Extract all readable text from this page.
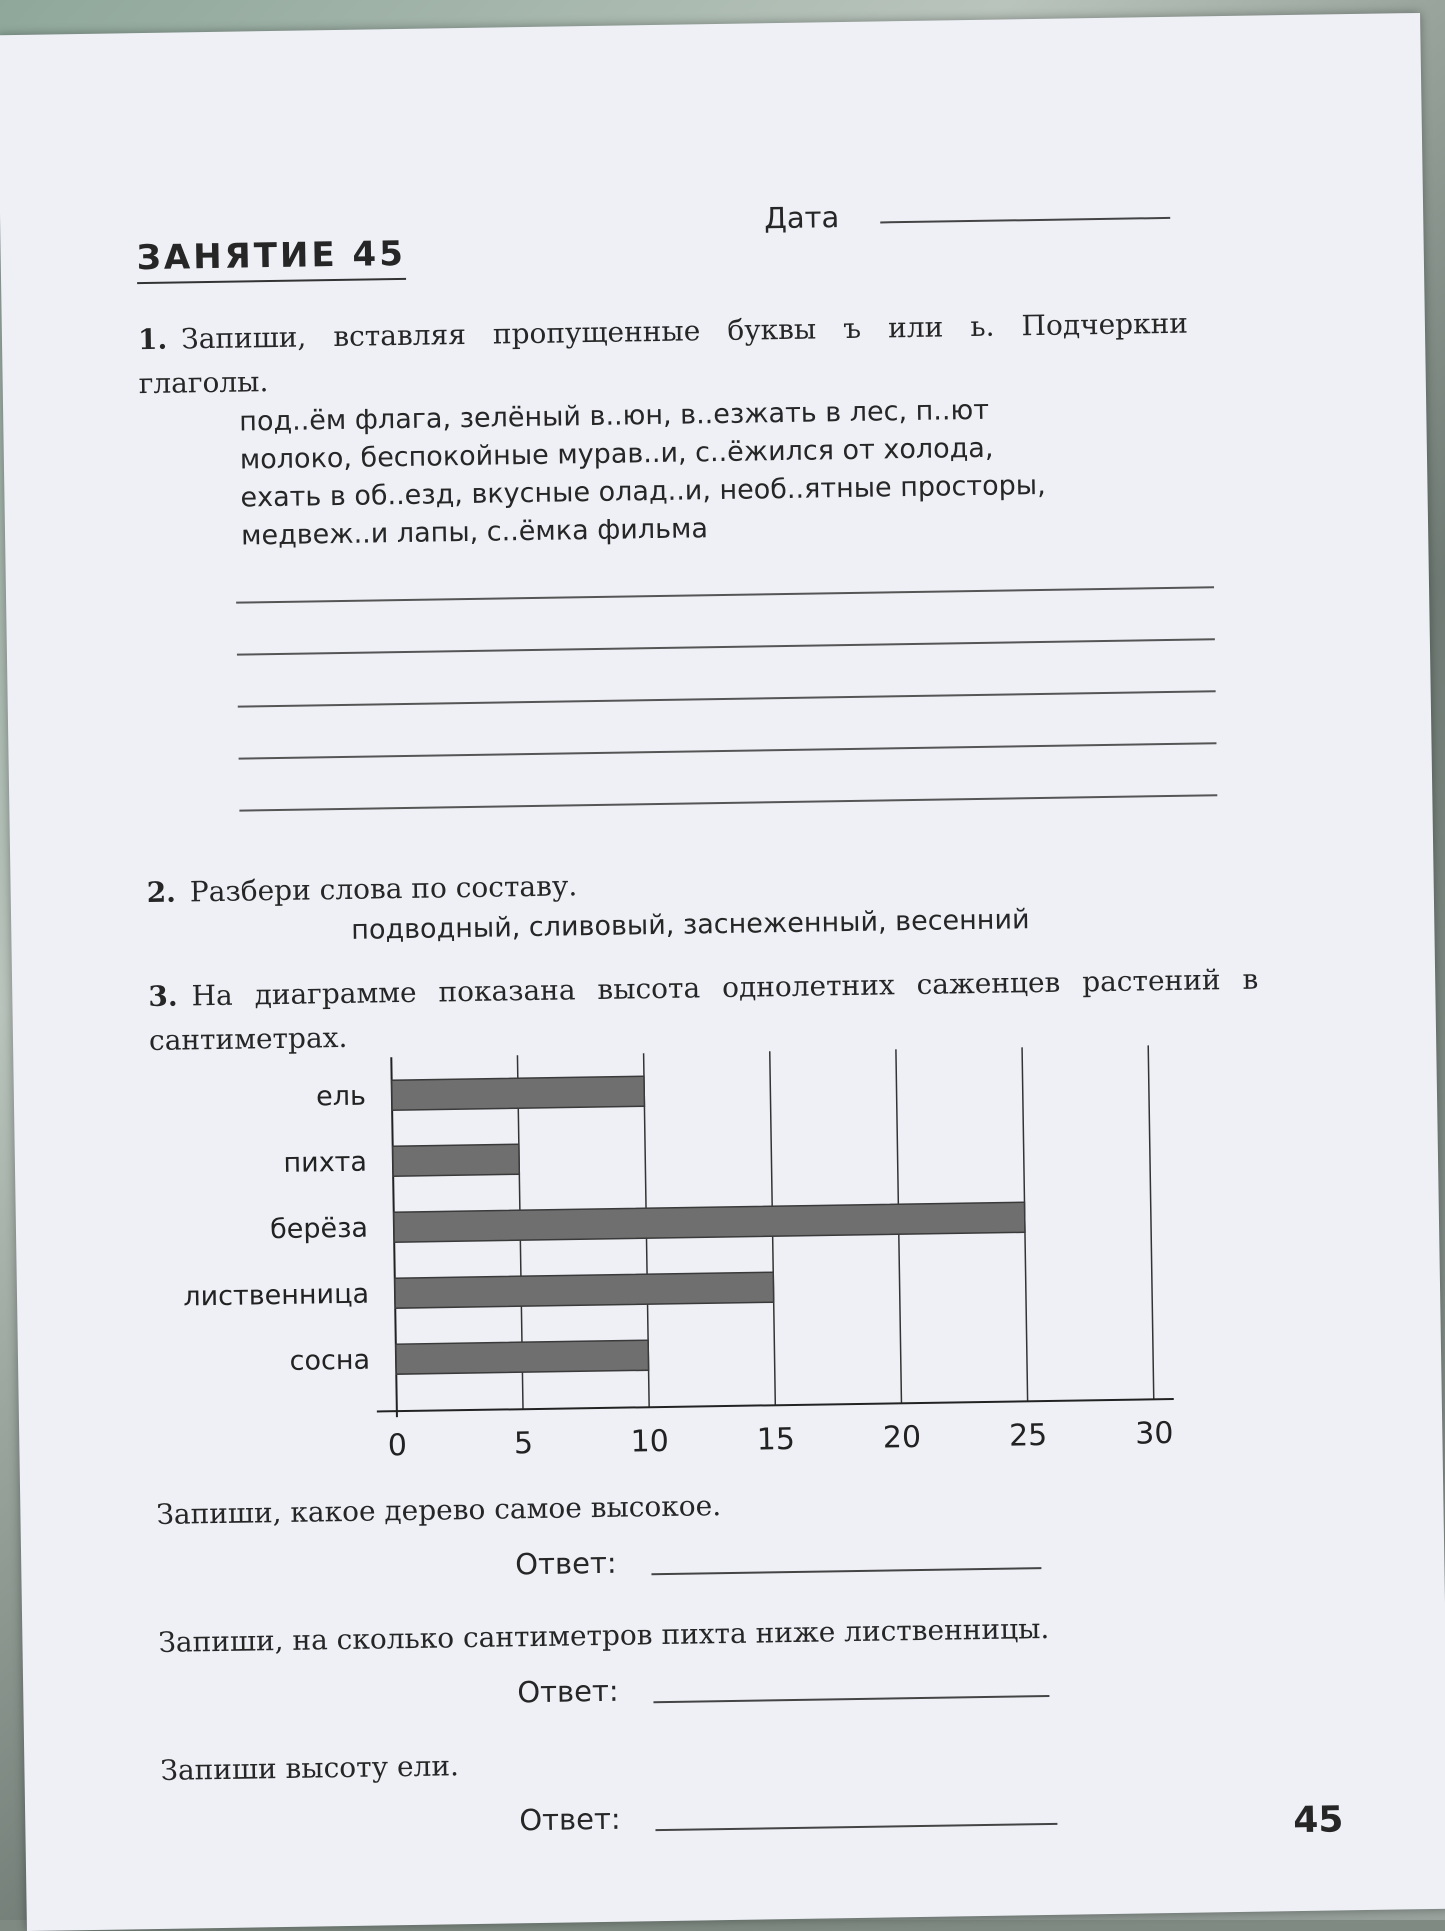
Дата
ЗАНЯТИЕ 45
1. Запиши, вставляя пропущенные буквы ъ или ь. Подчеркни глаголы.
под..ём флага, зелёный в..юн, в..езжать в лес, п..ют
молоко, беспокойные мурав..и, с..ёжился от холода,
ехать в об..езд, вкусные олад..и, необ..ятные просторы,
медвеж..и лапы, с..ёмка фильма
2. Разбери слова по составу.
подводный, сливовый, заснеженный, весенний
3. На диаграмме показана высота однолетних саженцев растений в сантиметрах.
ель
пихта
берёза
лиственница
сосна
0	5	10	15	20	25	30
Запиши, какое дерево самое высокое.
Ответ:
Запиши, на сколько сантиметров пихта ниже лиственницы.
Ответ:
Запиши высоту ели.
Ответ:	45
